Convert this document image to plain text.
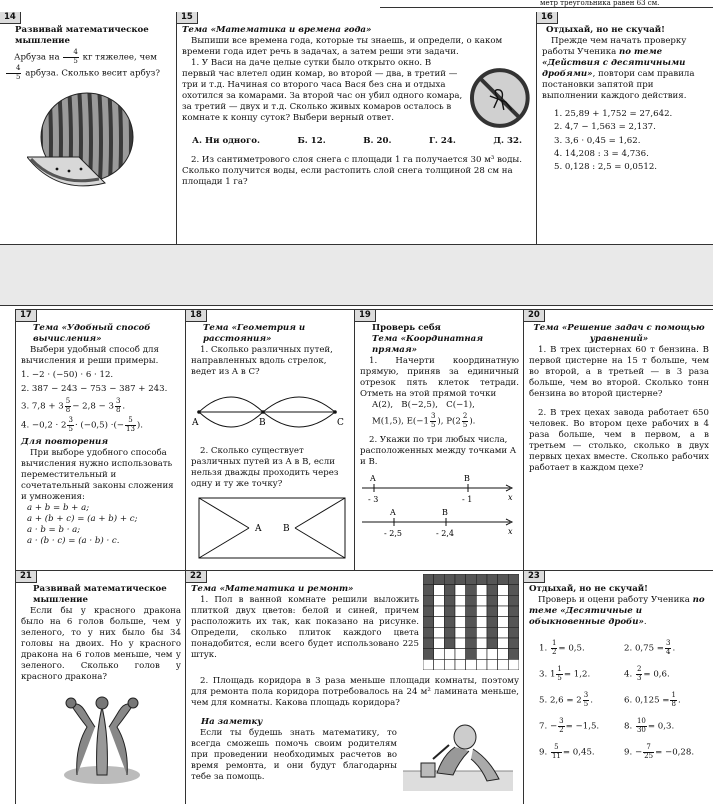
метр треугольника равен 63 см.
14
Развивай математическое мышление
Арбуза на $\frac{4}{5}$ кг тяжелее, чем
$\frac{4}{5}$ арбуза. Сколько весит арбуз?
15
Тема «Математика и времена года»
Выпиши все времена года, которые ты знаешь, и определи, о каком времени года идет речь в задачах, а затем реши эти задачи.
1. У Васи на даче целые сутки было открыто окно. В первый час влетел один комар, во второй — два, в третий — три и т.д. Начиная со второго часа Вася без сна и отдыха охотился за комарами. За второй час он убил одного комара, за третий — двух и т.д. Сколько живых комаров осталось в комнате к концу суток? Выбери верный ответ.
А. Ни одного.	Б. 12.	В. 20.	Г. 24.	Д. 32.
2. Из сантиметрового слоя снега с площади 1 га получается 30 м³ воды. Сколько получится воды, если растопить слой снега толщиной 28 см на площади 1 га?
16
Отдыхай, но не скучай!
Прежде чем начать проверку работы Ученика по теме «Действия с десятичными дробями», повтори сам правила постановки запятой при выполнении каждого действия.
1. 25,89 + 1,752 = 27,642.
2. 4,7 − 1,563 = 2,137.
3. 3,6 · 0,45 = 1,62.
4. 14,208 : 3 = 4,736.
5. 0,128 : 2,5 = 0,0512.
17
Тема «Удобный способ вычисления»
Выбери удобный способ для вычисления и реши примеры.
1. −2 · (−50) · 6 · 12.
2. 387 − 243 − 753 − 387 + 243.
3. $7,8 + 3 \frac{5}{8} - 2,8 - 3 \frac{3}{8}$ .
4. $-0,2 \cdot 2 \frac{3}{5} \cdot (-0,5)$ ·(− $\frac{5}{13}$ ).
Для повторения
При выборе удобного способа вычисления нужно использовать переместительный и сочетательный законы сложения и умножения:
a + b = b + a;
a + (b + c) = (a + b) + c;
a · b = b · a;
a · (b · c) = (a · b) · c.
18
Тема «Геометрия и расстояния»
1. Сколько различных путей, направленных вдоль стрелок, ведет из A в C?
A	B	C
2. Сколько существует различных путей из A в B, если нельзя дважды проходить через одну и ту же точку?
A B
19
Проверь себя
Тема «Координатная прямая»
1. Начерти координатную прямую, приняв за единичный отрезок пять клеток тетради. Отметь на этой прямой точки
A(2),   B(−2,5),   C(−1),
M(1,5), $E(-1 \frac{3}{5}$ ), $P(2 \frac{2}{5}$ ).
2. Укажи по три любых числа, расположенных между точками A и B.
A	B
- 3	- 1	x
A	B
- 2,5	- 2,4	x
20
Тема «Решение задач с помощью уравнений»
1. В трех цистернах 60 т бензина. В первой цистерне на 15 т больше, чем во второй, а в третьей — в 3 раза больше, чем во второй. Сколько тонн бензина во второй цистерне?
2. В трех цехах завода работает 650 человек. Во втором цехе рабочих в 4 раза больше, чем в первом, а в третьем — столько, сколько в двух первых цехах вместе. Сколько рабочих работает в каждом цехе?
21
Развивай математическое мышление
Если бы у красного дракона было на 6 голов больше, чем у зеленого, то у них было бы 34 головы на двоих. Но у красного дракона на 6 голов меньше, чем у зеленого. Сколько голов у красного дракона?
22
Тема «Математика и ремонт»
1. Пол в ванной комнате решили выложить плиткой двух цветов: белой и синей, причем расположить их так, как показано на рисунке. Определи, сколько плиток каждого цвета понадобится, если всего будет использовано 225 штук.
2. Площадь коридора в 3 раза меньше площади комнаты, поэтому для ремонта пола коридора потребовалось на 24 м² ламината меньше, чем для комнаты. Какова площадь коридора?
На заметку
Если ты будешь знать математику, то всегда сможешь помочь своим родителям при проведении необходимых расчетов во время ремонта, и они будут благодарны тебе за помощь.
23
Отдыхай, но не скучай!
Проверь и оцени работу Ученика по теме «Десятичные и обыкновенные дроби».
1. $\frac{1}{2} = 0,5$.	2. $0,75 = \frac{3}{4}$ .
3. $1 \frac{1}{5} = 1,2$.	4. $\frac{2}{3} = 0,6$.
5. $2,6 = 2 \frac{3}{5}$ .	6. $0,125 = \frac{1}{8}$ .
7. − $\frac{3}{2} = -1,5$.	8. $\frac{10}{30} = 0,3$.
9. $\frac{5}{11} = 0,45$.	9. − $\frac{7}{25} = -0,28$.
